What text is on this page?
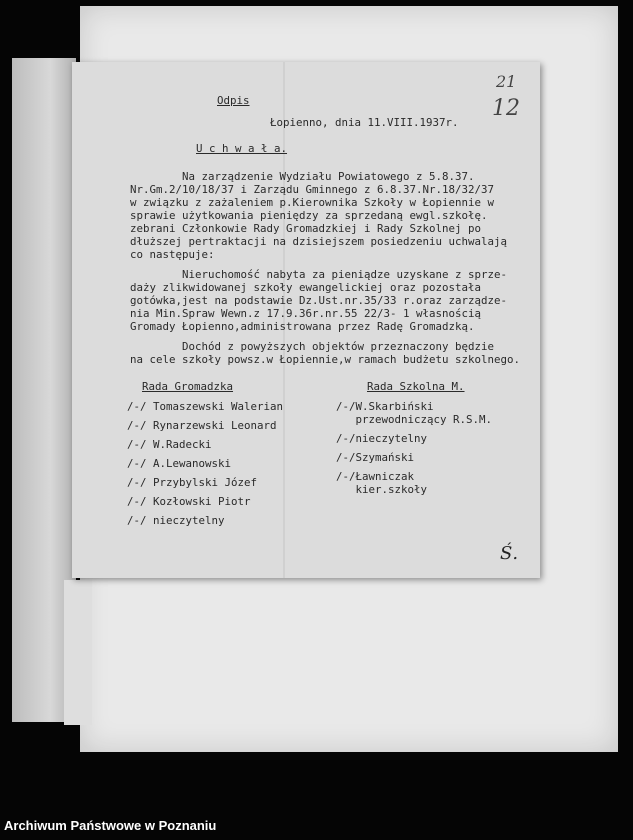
21
12
Odpis
Łopienno, dnia 11.VIII.1937r.
U c h w a ł a.
Na zarządzenie Wydziału Powiatowego z 5.8.37.
Nr.Gm.2/10/18/37 i Zarządu Gminnego z 6.8.37.Nr.18/32/37
w związku z zażaleniem p.Kierownika Szkoły w Łopiennie w
sprawie użytkowania pieniędzy za sprzedaną ewgl.szkołę.
zebrani Członkowie Rady Gromadzkiej i Rady Szkolnej po
dłuższej pertraktacji na dzisiejszem posiedzeniu uchwalają
co następuje:
Nieruchomość nabyta za pieniądze uzyskane z sprze-
daży zlikwidowanej szkoły ewangelickiej oraz pozostała
gotówka,jest na podstawie Dz.Ust.nr.35/33 r.oraz zarządze-
nia Min.Spraw Wewn.z 17.9.36r.nr.55 22/3- 1 własnością
Gromady Łopienno,administrowana przez Radę Gromadzką.
Dochód z powyższych objektów przeznaczony będzie
na cele szkoły powsz.w Łopiennie,w ramach budżetu szkolnego.
Rada Gromadzka
/-/ Tomaszewski Walerian
/-/ Rynarzewski Leonard
/-/ W.Radecki
/-/ A.Lewanowski
/-/ Przybylski Józef
/-/ Kozłowski Piotr
/-/ nieczytelny
Rada Szkolna M.
/-/W.Skarbiński
przewodniczący R.S.M.
/-/nieczytelny
/-/Szymański
/-/Ławniczak
kier.szkoły
Ś.
Archiwum Państwowe w Poznaniu
